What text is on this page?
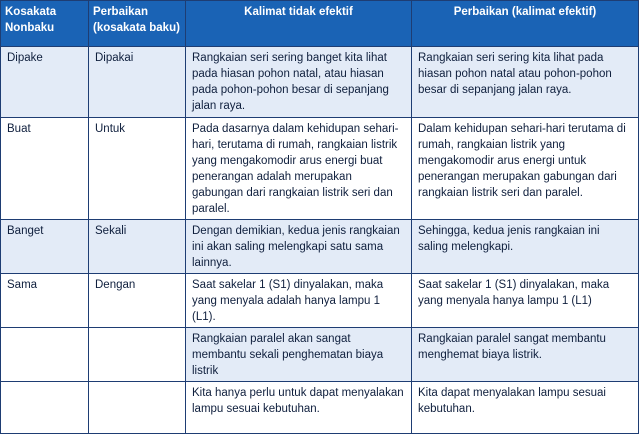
Kosakata Nonbaku	Perbaikan (kosakata baku)	Kalimat tidak efektif	Perbaikan (kalimat efektif)
Dipake	Dipakai	Rangkaian seri sering banget kita lihat pada hiasan pohon natal, atau hiasan pada pohon-pohon besar di sepanjang jalan raya.	Rangkaian seri sering kita lihat pada hiasan pohon natal atau pohon-pohon besar di sepanjang jalan raya.
Buat	Untuk	Pada dasarnya dalam kehidupan sehari-hari, terutama di rumah, rangkaian listrik yang mengakomodir arus energi buat penerangan adalah merupakan gabungan dari rangkaian listrik seri dan paralel.	Dalam kehidupan sehari-hari terutama di rumah, rangkaian listrik yang mengakomodir arus energi untuk penerangan merupakan gabungan dari rangkaian listrik seri dan paralel.
Banget	Sekali	Dengan demikian, kedua jenis rangkaian ini akan saling melengkapi satu sama lainnya.	Sehingga, kedua jenis rangkaian ini saling melengkapi.
Sama	Dengan	Saat sakelar 1 (S1) dinyalakan, maka yang menyala adalah hanya lampu 1 (L1).	Saat sakelar 1 (S1) dinyalakan, maka yang menyala hanya lampu 1 (L1)
		Rangkaian paralel akan sangat membantu sekali penghematan biaya listrik	Rangkaian paralel sangat membantu menghemat biaya listrik.
		Kita hanya perlu untuk dapat menyalakan lampu sesuai kebutuhan.	Kita dapat menyalakan lampu sesuai kebutuhan.
